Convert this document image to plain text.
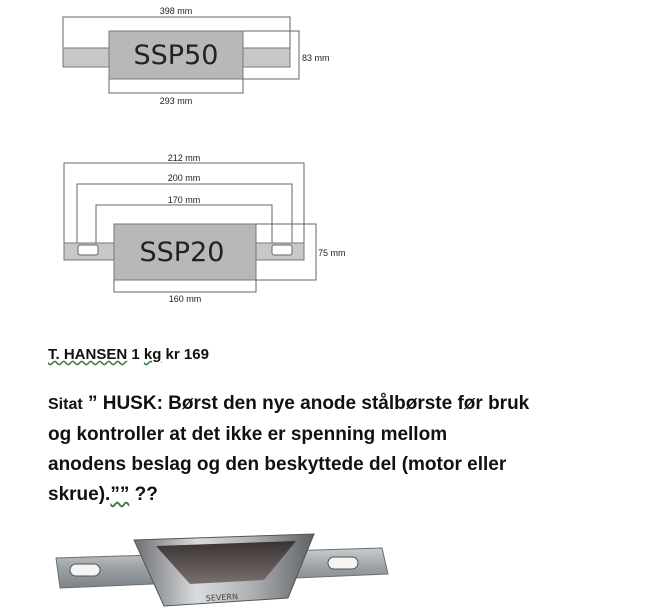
398 mm
SSP50	83 mm
293 mm
212 mm
200 mm
170 mm
SSP20	75 mm
160 mm
T. HANSEN 1 kg kr 169
Sitat ” HUSK: Børst den nye anode stålbørste før bruk
og kontroller at det ikke er spenning mellom
anodens beslag og den beskyttede del (motor eller
skrue).”” ??
SEVERN
